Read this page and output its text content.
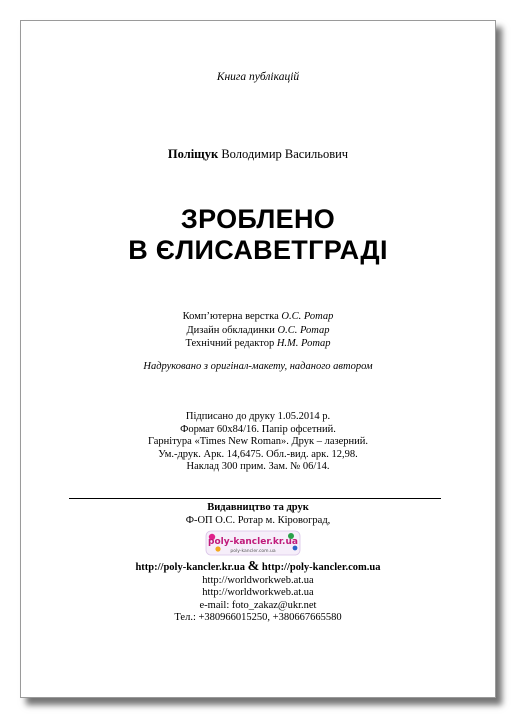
Книга публікацій
Поліщук Володимир Васильович
ЗРОБЛЕНО
В ЄЛИСАВЕТГРАДІ
Комп’ютерна верстка О.С. Ротар
Дизайн обкладинки О.С. Ротар
Технічний редактор Н.М. Ротар
Надруковано з оригінал-макету, наданого автором
Підписано до друку 1.05.2014 р.
Формат 60х84/16. Папір офсетний.
Гарнітура «Times New Roman». Друк – лазерний.
Ум.-друк. Арк. 14,6475. Обл.-вид. арк. 12,98.
Наклад 300 прим. Зам. № 06/14.
Видавництво та друк
Ф-ОП О.С. Ротар м. Кіровоград,
poly-kancler.kr.ua
poly-kancler.com.ua
http://poly-kancler.kr.ua & http://poly-kancler.com.ua
http://worldworkweb.at.ua
http://worldworkweb.at.ua
e-mail: foto_zakaz@ukr.net
Тел.: +380966015250, +380667665580
